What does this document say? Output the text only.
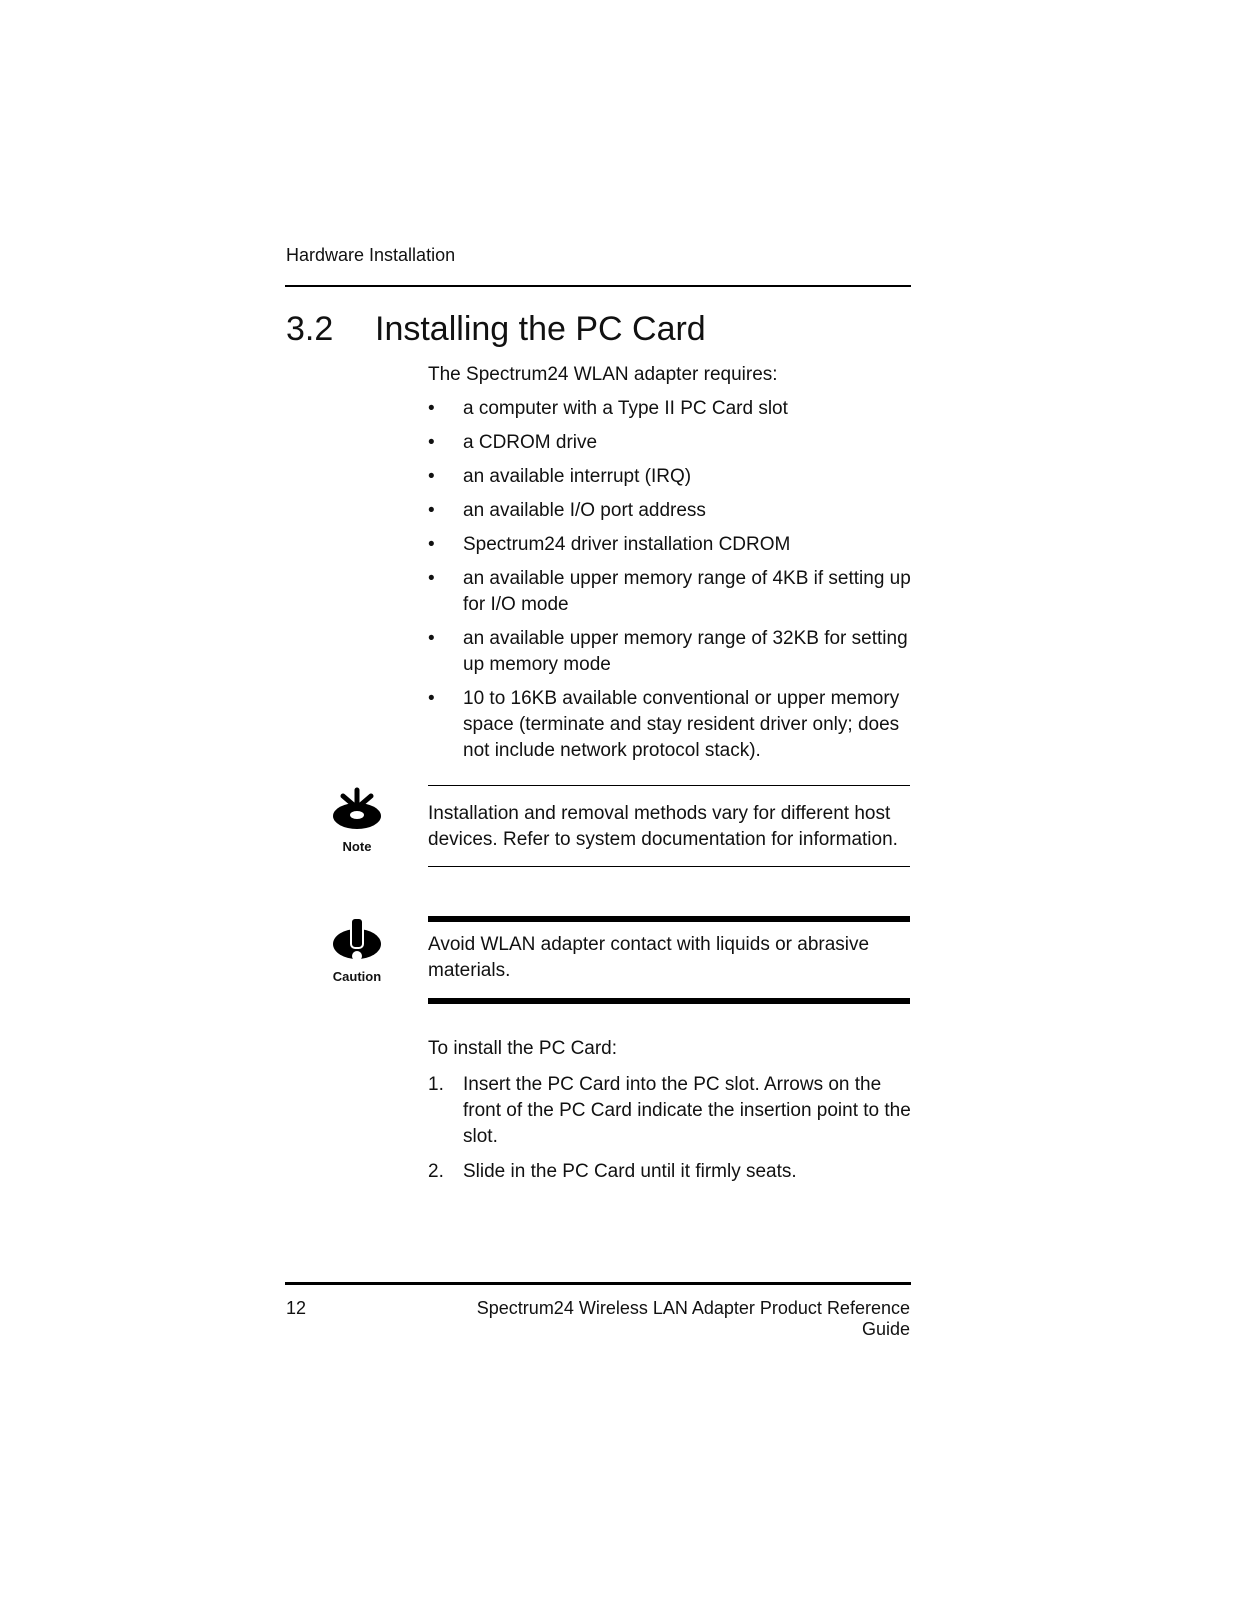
Hardware Installation
3.2 Installing the PC Card
The Spectrum24 WLAN adapter requires:
• a computer with a Type II PC Card slot
• a CDROM drive
• an available interrupt (IRQ)
• an available I/O port address
• Spectrum24 driver installation CDROM
• an available upper memory range of 4KB if setting up for I/O mode
• an available upper memory range of 32KB for setting up memory mode
• 10 to 16KB available conventional or upper memory space (terminate and stay resident driver only; does not include network protocol stack).
Note
Installation and removal methods vary for different host devices. Refer to system documentation for information.
Caution
Avoid WLAN adapter contact with liquids or abrasive materials.
To install the PC Card:
1. Insert the PC Card into the PC slot. Arrows on the front of the PC Card indicate the insertion point to the slot.
2. Slide in the PC Card until it firmly seats.
12	Spectrum24 Wireless LAN Adapter Product Reference Guide
